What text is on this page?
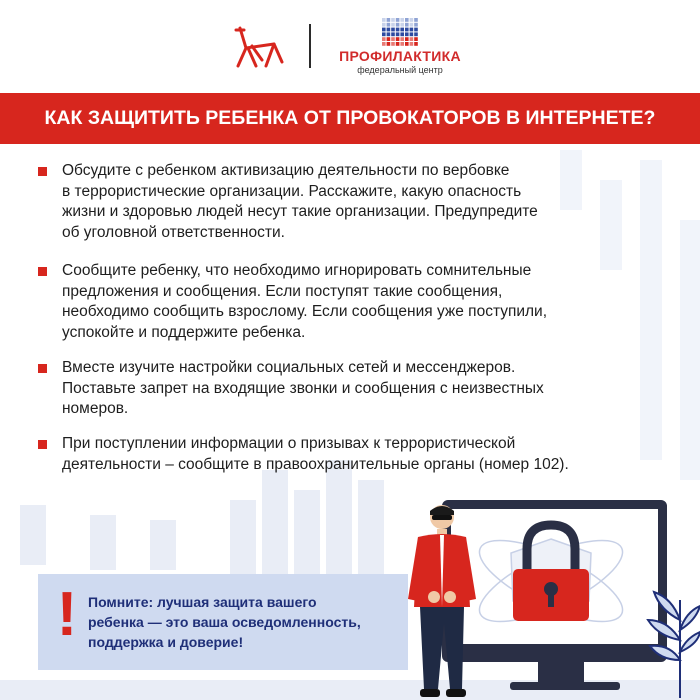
ПРОФИЛАКТИКА
федеральный центр
КАК ЗАЩИТИТЬ РЕБЕНКА ОТ ПРОВОКАТОРОВ В ИНТЕРНЕТЕ?
Обсудите с ребенком активизацию деятельности по вербовке
в террористические организации. Расскажите, какую опасность
жизни и здоровью людей несут такие организации. Предупредите
об уголовной ответственности.
Сообщите ребенку, что необходимо игнорировать сомнительные
предложения и сообщения. Если поступят такие сообщения,
необходимо сообщить взрослому. Если сообщения уже поступили,
успокойте и поддержите ребенка.
Вместе изучите настройки социальных сетей и мессенджеров.
Поставьте запрет на входящие звонки и сообщения с неизвестных
номеров.
При поступлении информации о призывах к террористической
деятельности – сообщите в правоохранительные органы (номер 102).
! Помните: лучшая защита вашего
ребенка — это ваша осведомленность,
поддержка и доверие!
